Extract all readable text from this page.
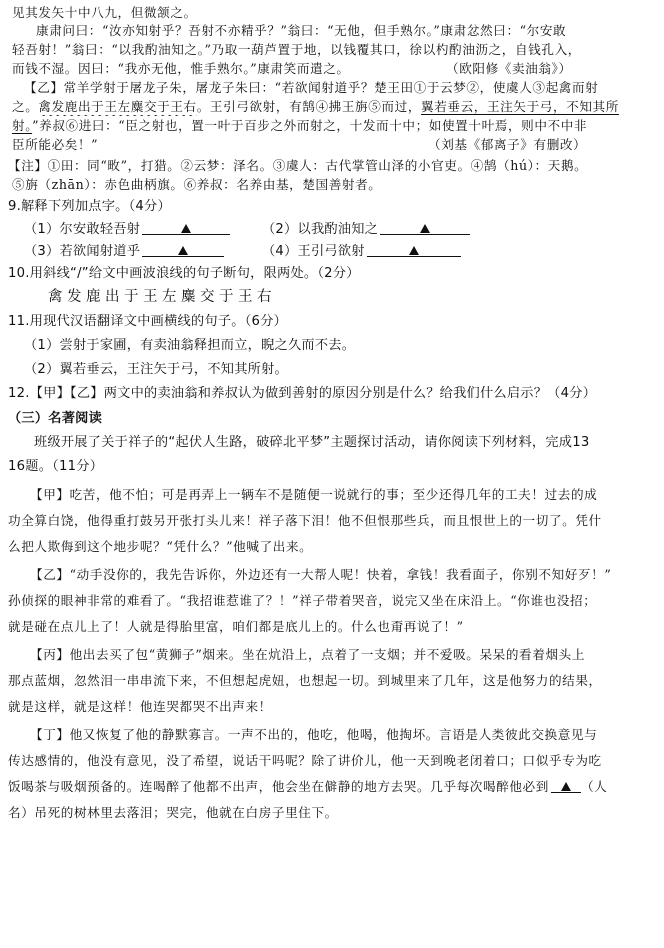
见其发矢十中八九，但微颔之。
康肃问曰：“汝亦知射乎？吾射不亦精乎？”翁曰：“无他，但手熟尔。”康肃忿然曰：“尔安敢
轻吾射！”翁曰：“以我酌油知之。”乃取一葫芦置于地，以钱覆其口，徐以杓酌油沥之，自钱孔入，
而钱不湿。因曰：“我亦无他，惟手熟尔。”康肃笑而遣之。	（欧阳修《卖油翁》）
【乙】常羊学射于屠龙子朱，屠龙子朱曰：“若欲闻射道乎？楚王田①于云梦②，使虞人③起禽而射
之。禽发鹿出于王左麋交于王右。王引弓欲射，有鹄④拂王旃⑤而过，翼若垂云，王注矢于弓，不知其所
射。”养叔⑥进曰：“臣之射也，置一叶于百步之外而射之，十发而十中；如使置十叶焉，则中不中非
臣所能必矣！”	（刘基《郁离子》有删改）
【注】①田：同“畋”，打猎。②云梦：泽名。③虞人：古代掌管山泽的小官吏。④鹄（hú）：天鹅。
⑤旃（zhān）：赤色曲柄旗。⑥养叔：名养由基，楚国善射者。
9.解释下列加点字。（4分）
（1）尔安敢轻吾射	（2）以我酌油知之
（3）若欲闻射道乎	（4）王引弓欲射
10.用斜线“/”给文中画波浪线的句子断句，限两处。（2分）
禽发鹿出于王左麋交于王右
11.用现代汉语翻译文中画横线的句子。（6分）
（1）尝射于家圃，有卖油翁释担而立，睨之久而不去。
（2）翼若垂云，王注矢于弓，不知其所射。
12.【甲】【乙】两文中的卖油翁和养叔认为做到善射的原因分别是什么？给我们什么启示？（4分）
（三）名著阅读
班级开展了关于祥子的“起伏人生路，破碎北平梦”主题探讨活动，请你阅读下列材料，完成13
16题。（11分）
【甲】吃苦，他不怕；可是再弄上一辆车不是随便一说就行的事；至少还得几年的工夫！过去的成
功全算白饶，他得重打鼓另开张打头儿来！祥子落下泪！他不但恨那些兵，而且恨世上的一切了。凭什
么把人欺侮到这个地步呢？“凭什么？”他喊了出来。
【乙】“动手没你的，我先告诉你，外边还有一大帮人呢！快着，拿钱！我看面子，你别不知好歹！”
孙侦探的眼神非常的难看了。“我招谁惹谁了？！”祥子带着哭音，说完又坐在床沿上。“你谁也没招；
就是碰在点儿上了！人就是得胎里富，咱们都是底儿上的。什么也甭再说了！”
【丙】他出去买了包“黄狮子”烟来。坐在炕沿上，点着了一支烟；并不爱吸。呆呆的看着烟头上
那点蓝烟，忽然泪一串串流下来，不但想起虎妞，也想起一切。到城里来了几年，这是他努力的结果，
就是这样，就是这样！他连哭都哭不出声来！
【丁】他又恢复了他的静默寡言。一声不出的，他吃，他喝，他掏坏。言语是人类彼此交换意见与
传达感情的，他没有意见，没了希望，说话干吗呢？除了讲价儿，他一天到晚老闭着口；口似乎专为吃
饭喝茶与吸烟预备的。连喝醉了他都不出声，他会坐在僻静的地方去哭。几乎每次喝醉他必到	（人
名）吊死的树林里去落泪；哭完，他就在白房子里住下。
